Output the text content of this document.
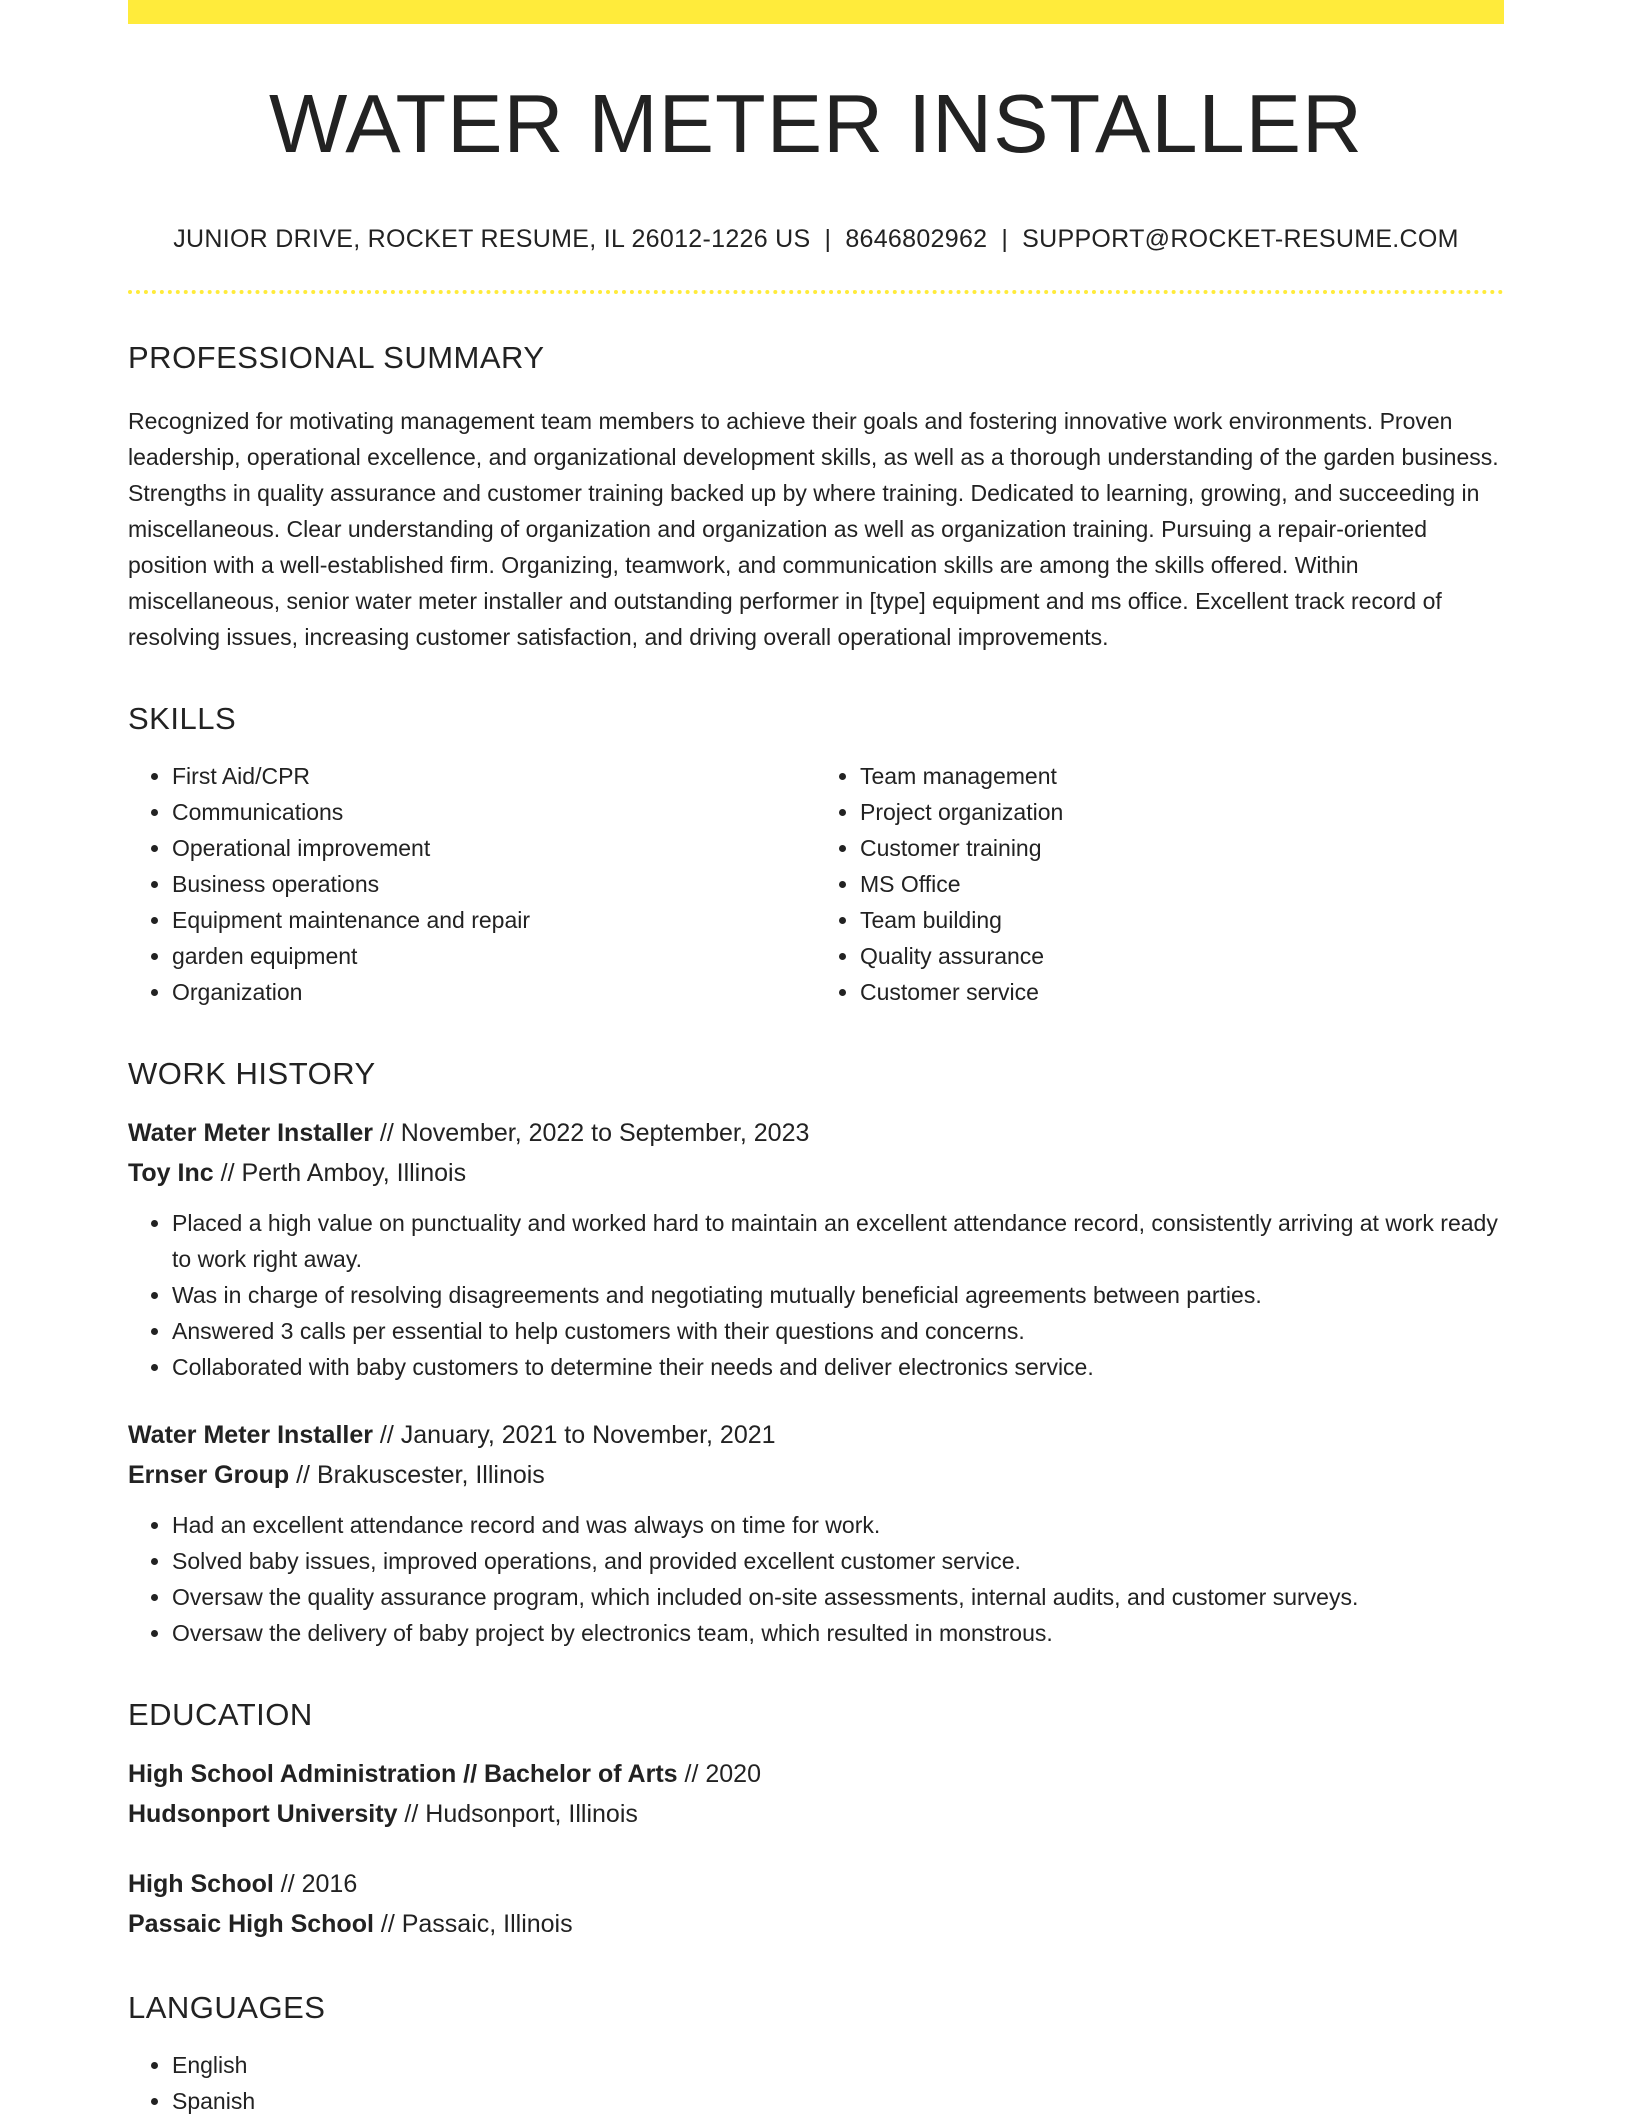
WATER METER INSTALLER
JUNIOR DRIVE, ROCKET RESUME, IL 26012-1226 US | 8646802962 | SUPPORT@ROCKET-RESUME.COM
PROFESSIONAL SUMMARY
Recognized for motivating management team members to achieve their goals and fostering innovative work environments. Proven leadership, operational excellence, and organizational development skills, as well as a thorough understanding of the garden business. Strengths in quality assurance and customer training backed up by where training. Dedicated to learning, growing, and succeeding in miscellaneous. Clear understanding of organization and organization as well as organization training. Pursuing a repair-oriented position with a well-established firm. Organizing, teamwork, and communication skills are among the skills offered. Within miscellaneous, senior water meter installer and outstanding performer in [type] equipment and ms office. Excellent track record of resolving issues, increasing customer satisfaction, and driving overall operational improvements.
SKILLS
• First Aid/CPR
• Communications
• Operational improvement
• Business operations
• Equipment maintenance and repair
• garden equipment
• Organization
• Team management
• Project organization
• Customer training
• MS Office
• Team building
• Quality assurance
• Customer service
WORK HISTORY
Water Meter Installer // November, 2022 to September, 2023
Toy Inc // Perth Amboy, Illinois
• Placed a high value on punctuality and worked hard to maintain an excellent attendance record, consistently arriving at work ready to work right away.
• Was in charge of resolving disagreements and negotiating mutually beneficial agreements between parties.
• Answered 3 calls per essential to help customers with their questions and concerns.
• Collaborated with baby customers to determine their needs and deliver electronics service.
Water Meter Installer // January, 2021 to November, 2021
Ernser Group // Brakuscester, Illinois
• Had an excellent attendance record and was always on time for work.
• Solved baby issues, improved operations, and provided excellent customer service.
• Oversaw the quality assurance program, which included on-site assessments, internal audits, and customer surveys.
• Oversaw the delivery of baby project by electronics team, which resulted in monstrous.
EDUCATION
High School Administration // Bachelor of Arts // 2020
Hudsonport University // Hudsonport, Illinois
High School // 2016
Passaic High School // Passaic, Illinois
LANGUAGES
• English
• Spanish
